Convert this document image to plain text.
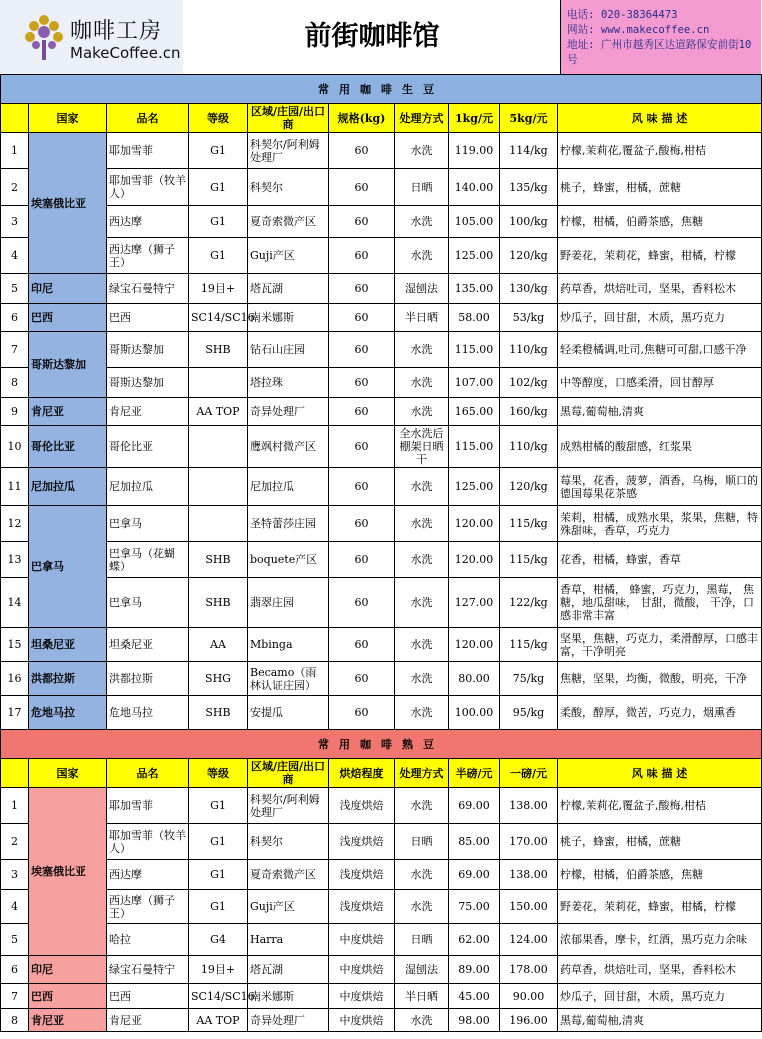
咖啡工房
MakeCoffee.cn
前街咖啡馆
电话: 020-38364473
网站: www.makecoffee.cn
地址: 广州市越秀区达道路保安前街10号
常用咖啡生豆									
	国家	品名	等级	区域/庄园/出口商	规格(kg)	处理方式	1kg/元	5kg/元	风 味 描 述
1	埃塞俄比亚	耶加雪菲	G1	科契尔/阿利姆处理厂	60	水洗	119.00	114/kg	柠檬,茉莉花,覆盆子,酸梅,柑桔
2		耶加雪菲（牧羊人）	G1	科契尔	60	日晒	140.00	135/kg	桃子，蜂蜜，柑橘，蔗糖
3		西达摩	G1	夏奇索微产区	60	水洗	105.00	100/kg	柠檬，柑橘，伯爵茶感，焦糖
4		西达摩（狮子王）	G1	Guji产区	60	水洗	125.00	120/kg	野姜花，茉莉花，蜂蜜，柑橘，柠檬
5	印尼	绿宝石曼特宁	19目+	塔瓦湖	60	湿刨法	135.00	130/kg	药草香，烘焙吐司，坚果，香料松木
6	巴西	巴西	SC14/SC16	南米娜斯	60	半日晒	58.00	53/kg	炒瓜子，回甘甜，木质，黑巧克力
7	哥斯达黎加	哥斯达黎加	SHB	钻石山庄园	60	水洗	115.00	110/kg	轻柔橙橘调,吐司,焦糖可可甜,口感干净
8		哥斯达黎加		塔拉珠	60	水洗	107.00	102/kg	中等醇度，口感柔滑，回甘醇厚
9	肯尼亚	肯尼亚	AA TOP	奇异处理厂	60	水洗	165.00	160/kg	黑莓,葡萄柚,清爽
10	哥伦比亚	哥伦比亚		鹰飒村微产区	60	全水洗后棚架日晒干	115.00	110/kg	成熟柑橘的酸甜感，红浆果
11	尼加拉瓜	尼加拉瓜		尼加拉瓜	60	水洗	125.00	120/kg	莓果，花香，菠萝，酒香，乌梅，顺口的德国莓果花茶感
12	巴拿马	巴拿马		圣特蕾莎庄园	60	水洗	120.00	115/kg	茉莉，柑橘，成熟水果，浆果，焦糖，特殊甜味，香草，巧克力
13		巴拿马（花蝴蝶）	SHB	boquete产区	60	水洗	120.00	115/kg	花香，柑橘，蜂蜜，香草
14		巴拿马	SHB	翡翠庄园	60	水洗	127.00	122/kg	香草，柑橘， 蜂蜜，巧克力，黑莓， 焦糖，地瓜甜味， 甘甜，微酸， 干净，口感非常丰富
15	坦桑尼亚	坦桑尼亚	AA	Mbinga	60	水洗	120.00	115/kg	坚果，焦糖，巧克力，柔滑醇厚，口感丰富，干净明亮
16	洪都拉斯	洪都拉斯	SHG	Becamo（雨林认证庄园）	60	水洗	80.00	75/kg	焦糖，坚果，均衡，微酸，明亮，干净
17	危地马拉	危地马拉	SHB	安提瓜	60	水洗	100.00	95/kg	柔酸，醇厚，微苦，巧克力，烟熏香
常用咖啡熟豆									
	国家	品名	等级	区域/庄园/出口商	烘焙程度	处理方式	半磅/元	一磅/元	风 味 描 述
1	埃塞俄比亚	耶加雪菲	G1	科契尔/阿利姆处理厂	浅度烘焙	水洗	69.00	138.00	柠檬,茉莉花,覆盆子,酸梅,柑桔
2		耶加雪菲（牧羊人）	G1	科契尔	浅度烘焙	日晒	85.00	170.00	桃子，蜂蜜，柑橘，蔗糖
3		西达摩	G1	夏奇索微产区	浅度烘焙	水洗	69.00	138.00	柠檬，柑橘，伯爵茶感，焦糖
4		西达摩（狮子王）	G1	Guji产区	浅度烘焙	水洗	75.00	150.00	野姜花，茉莉花，蜂蜜，柑橘，柠檬
5		哈拉	G4	Harra	中度烘焙	日晒	62.00	124.00	浓郁果香，摩卡，红酒，黑巧克力余味
6	印尼	绿宝石曼特宁	19目+	塔瓦湖	中度烘焙	湿刨法	89.00	178.00	药草香，烘焙吐司，坚果，香料松木
7	巴西	巴西	SC14/SC16	南米娜斯	中度烘焙	半日晒	45.00	90.00	炒瓜子，回甘甜，木质，黑巧克力
8	肯尼亚	肯尼亚	AA TOP	奇异处理厂	中度烘焙	水洗	98.00	196.00	黑莓,葡萄柚,清爽
